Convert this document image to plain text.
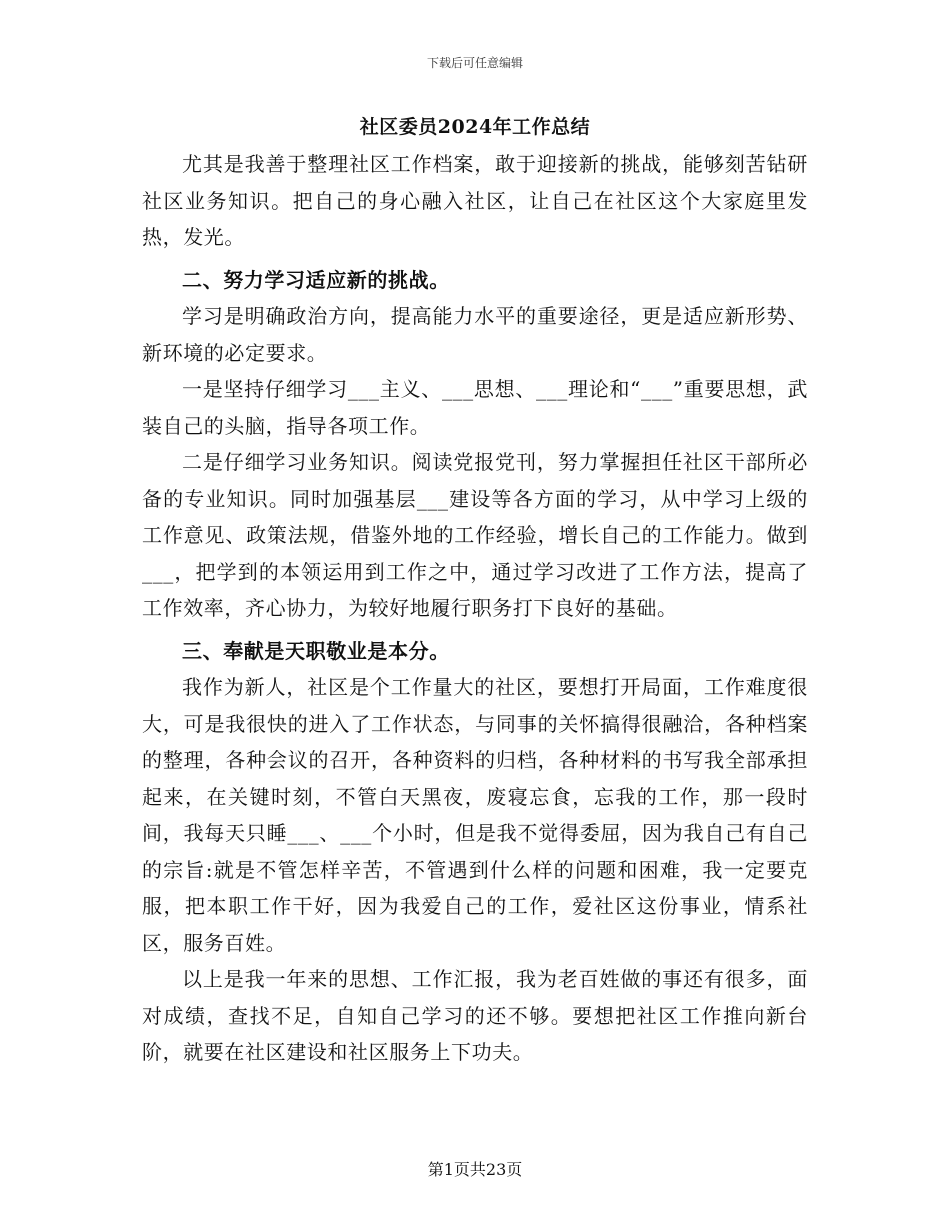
下载后可任意编辑
社区委员2024年工作总结

尤其是我善于整理社区工作档案，敢于迎接新的挑战，能够刻苦钻研社区业务知识。把自己的身心融入社区，让自己在社区这个大家庭里发热，发光。

二、努力学习适应新的挑战。

学习是明确政治方向，提高能力水平的重要途径，更是适应新形势、新环境的必定要求。

一是坚持仔细学习___主义、___思想、___理论和“___”重要思想，武装自己的头脑，指导各项工作。

二是仔细学习业务知识。阅读党报党刊，努力掌握担任社区干部所必备的专业知识。同时加强基层___建设等各方面的学习，从中学习上级的工作意见、政策法规，借鉴外地的工作经验，增长自己的工作能力。做到___，把学到的本领运用到工作之中，通过学习改进了工作方法，提高了工作效率，齐心协力，为较好地履行职务打下良好的基础。

三、奉献是天职敬业是本分。

我作为新人，社区是个工作量大的社区，要想打开局面，工作难度很大，可是我很快的进入了工作状态，与同事的关怀搞得很融洽，各种档案的整理，各种会议的召开，各种资料的归档，各种材料的书写我全部承担起来，在关键时刻，不管白天黑夜，废寝忘食，忘我的工作，那一段时间，我每天只睡___、___个小时，但是我不觉得委屈，因为我自己有自己的宗旨:就是不管怎样辛苦，不管遇到什么样的问题和困难，我一定要克服，把本职工作干好，因为我爱自己的工作，爱社区这份事业，情系社区，服务百姓。

以上是我一年来的思想、工作汇报，我为老百姓做的事还有很多，面对成绩，查找不足，自知自己学习的还不够。要想把社区工作推向新台阶，就要在社区建设和社区服务上下功夫。

第1页共23页
